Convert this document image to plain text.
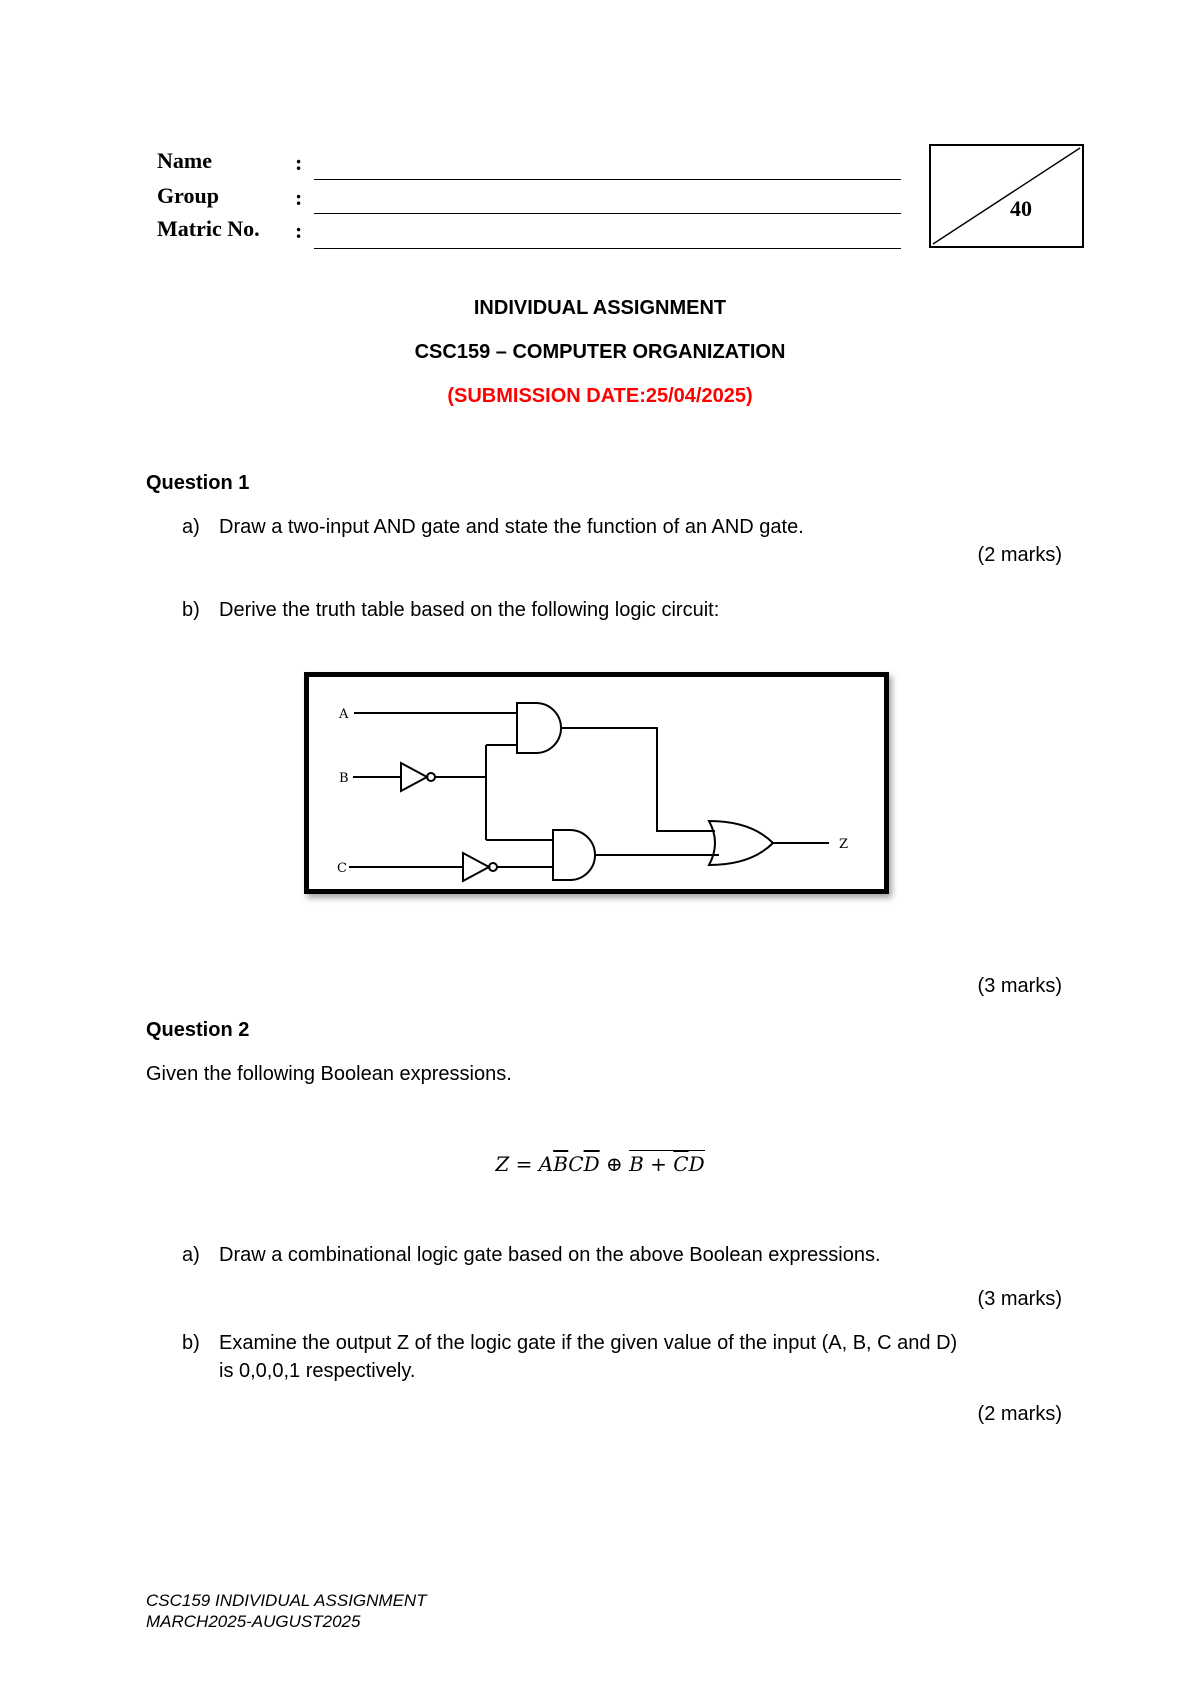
Name	:
Group	:
Matric No. :
40
INDIVIDUAL ASSIGNMENT
CSC159 – COMPUTER ORGANIZATION
(SUBMISSION DATE:25/04/2025)
Question 1
a) Draw a two-input AND gate and state the function of an AND gate.
(2 marks)
b) Derive the truth table based on the following logic circuit:
A
B
C
Z
(3 marks)
Question 2
Given the following Boolean expressions.
$Z = A\overline{B}C\overline{D}$ ⊕ $B + \overline{C}D$
a) Draw a combinational logic gate based on the above Boolean expressions.
(3 marks)
b) Examine the output Z of the logic gate if the given value of the input (A, B, C and D)
is 0,0,0,1 respectively.
(2 marks)
CSC159 INDIVIDUAL ASSIGNMENT
MARCH2025-AUGUST2025
